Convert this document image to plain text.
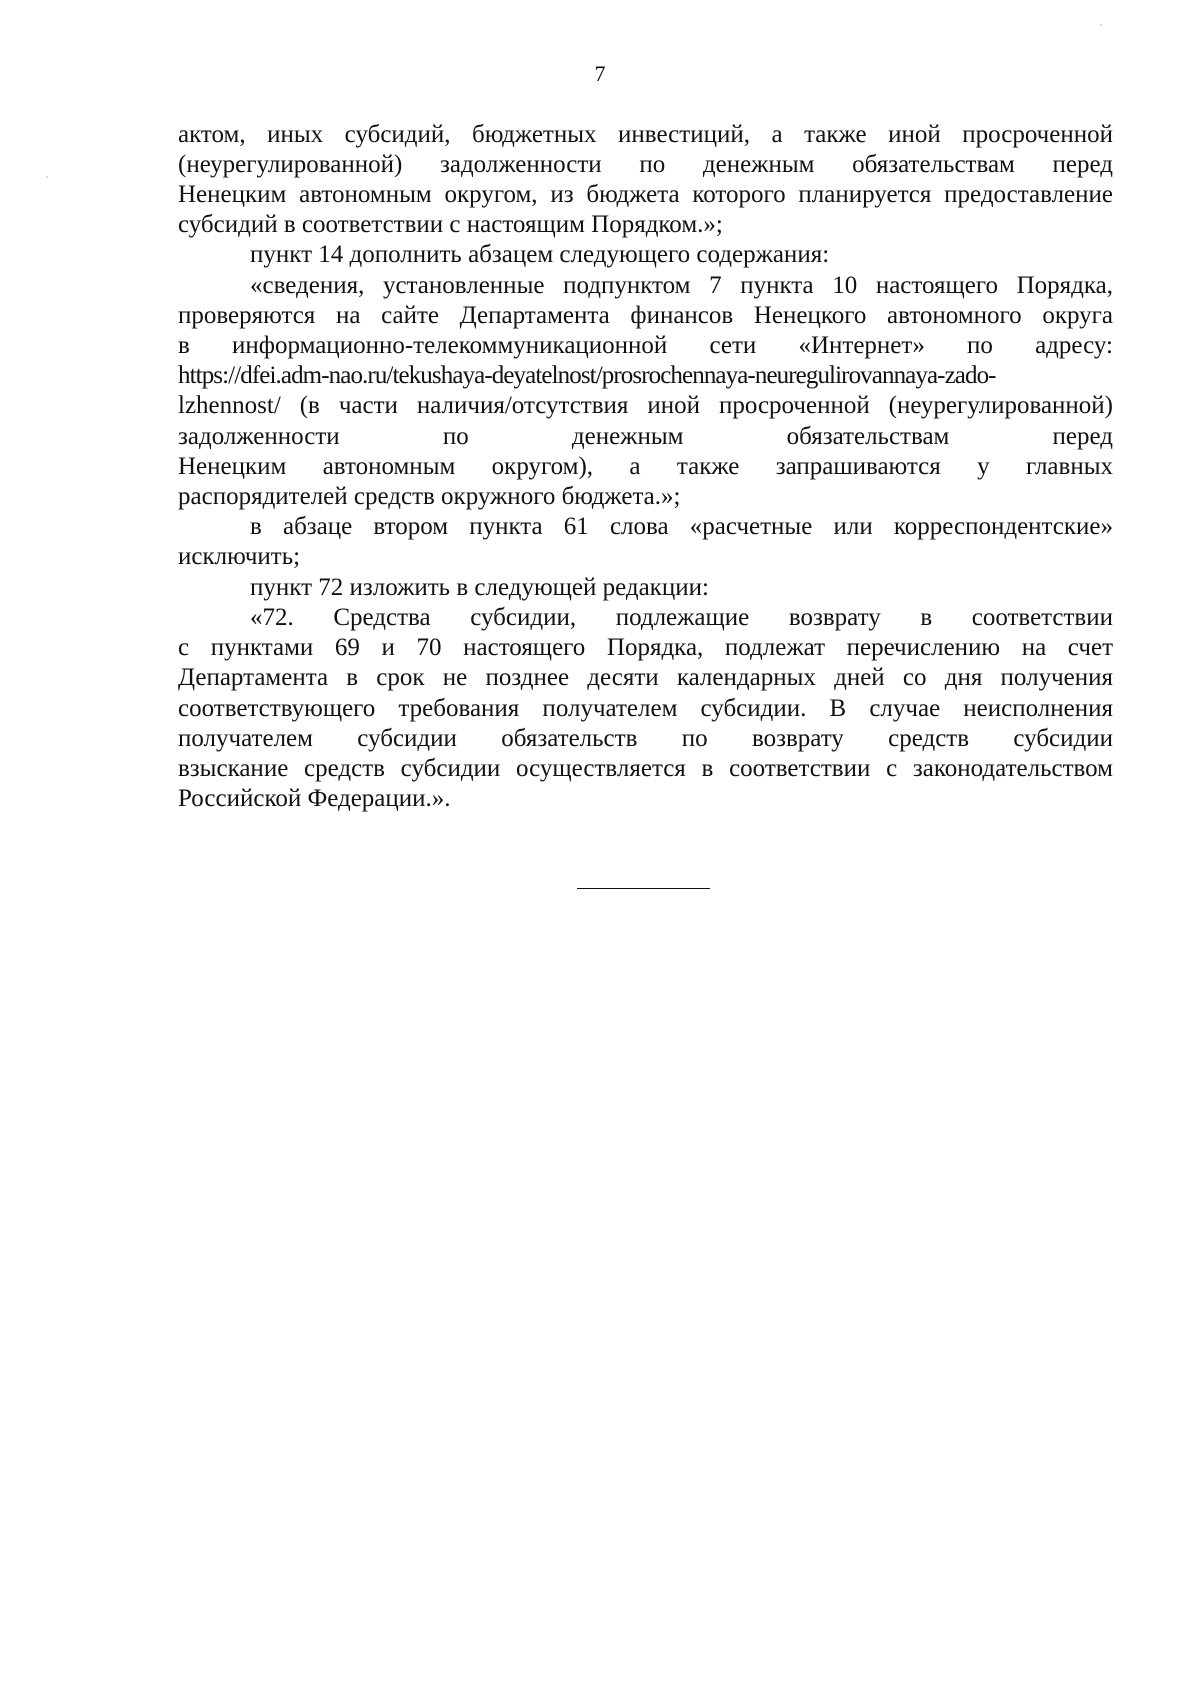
7
актом, иных субсидий, бюджетных инвестиций, а также иной просроченной
(неурегулированной) задолженности по денежным обязательствам перед
Ненецким автономным округом, из бюджета которого планируется предоставление
субсидий в соответствии с настоящим Порядком.»;
пункт 14 дополнить абзацем следующего содержания:
«сведения, установленные подпунктом 7 пункта 10 настоящего Порядка,
проверяются на сайте Департамента финансов Ненецкого автономного округа
в информационно-телекоммуникационной сети «Интернет» по адресу:
https://dfei.adm-nao.ru/tekushaya-deyatelnost/prosrochennaya-neuregulirovannaya-zado-
lzhennost/ (в части наличия/отсутствия иной просроченной (неурегулированной)
задолженности по денежным обязательствам перед
Ненецким автономным округом), а также запрашиваются у главных
распорядителей средств окружного бюджета.»;
в абзаце втором пункта 61 слова «расчетные или корреспондентские»
исключить;
пункт 72 изложить в следующей редакции:
«72. Средства субсидии, подлежащие возврату в соответствии
с пунктами 69 и 70 настоящего Порядка, подлежат перечислению на счет
Департамента в срок не позднее десяти календарных дней со дня получения
соответствующего требования получателем субсидии. В случае неисполнения
получателем субсидии обязательств по возврату средств субсидии
взыскание средств субсидии осуществляется в соответствии с законодательством
Российской Федерации.».
